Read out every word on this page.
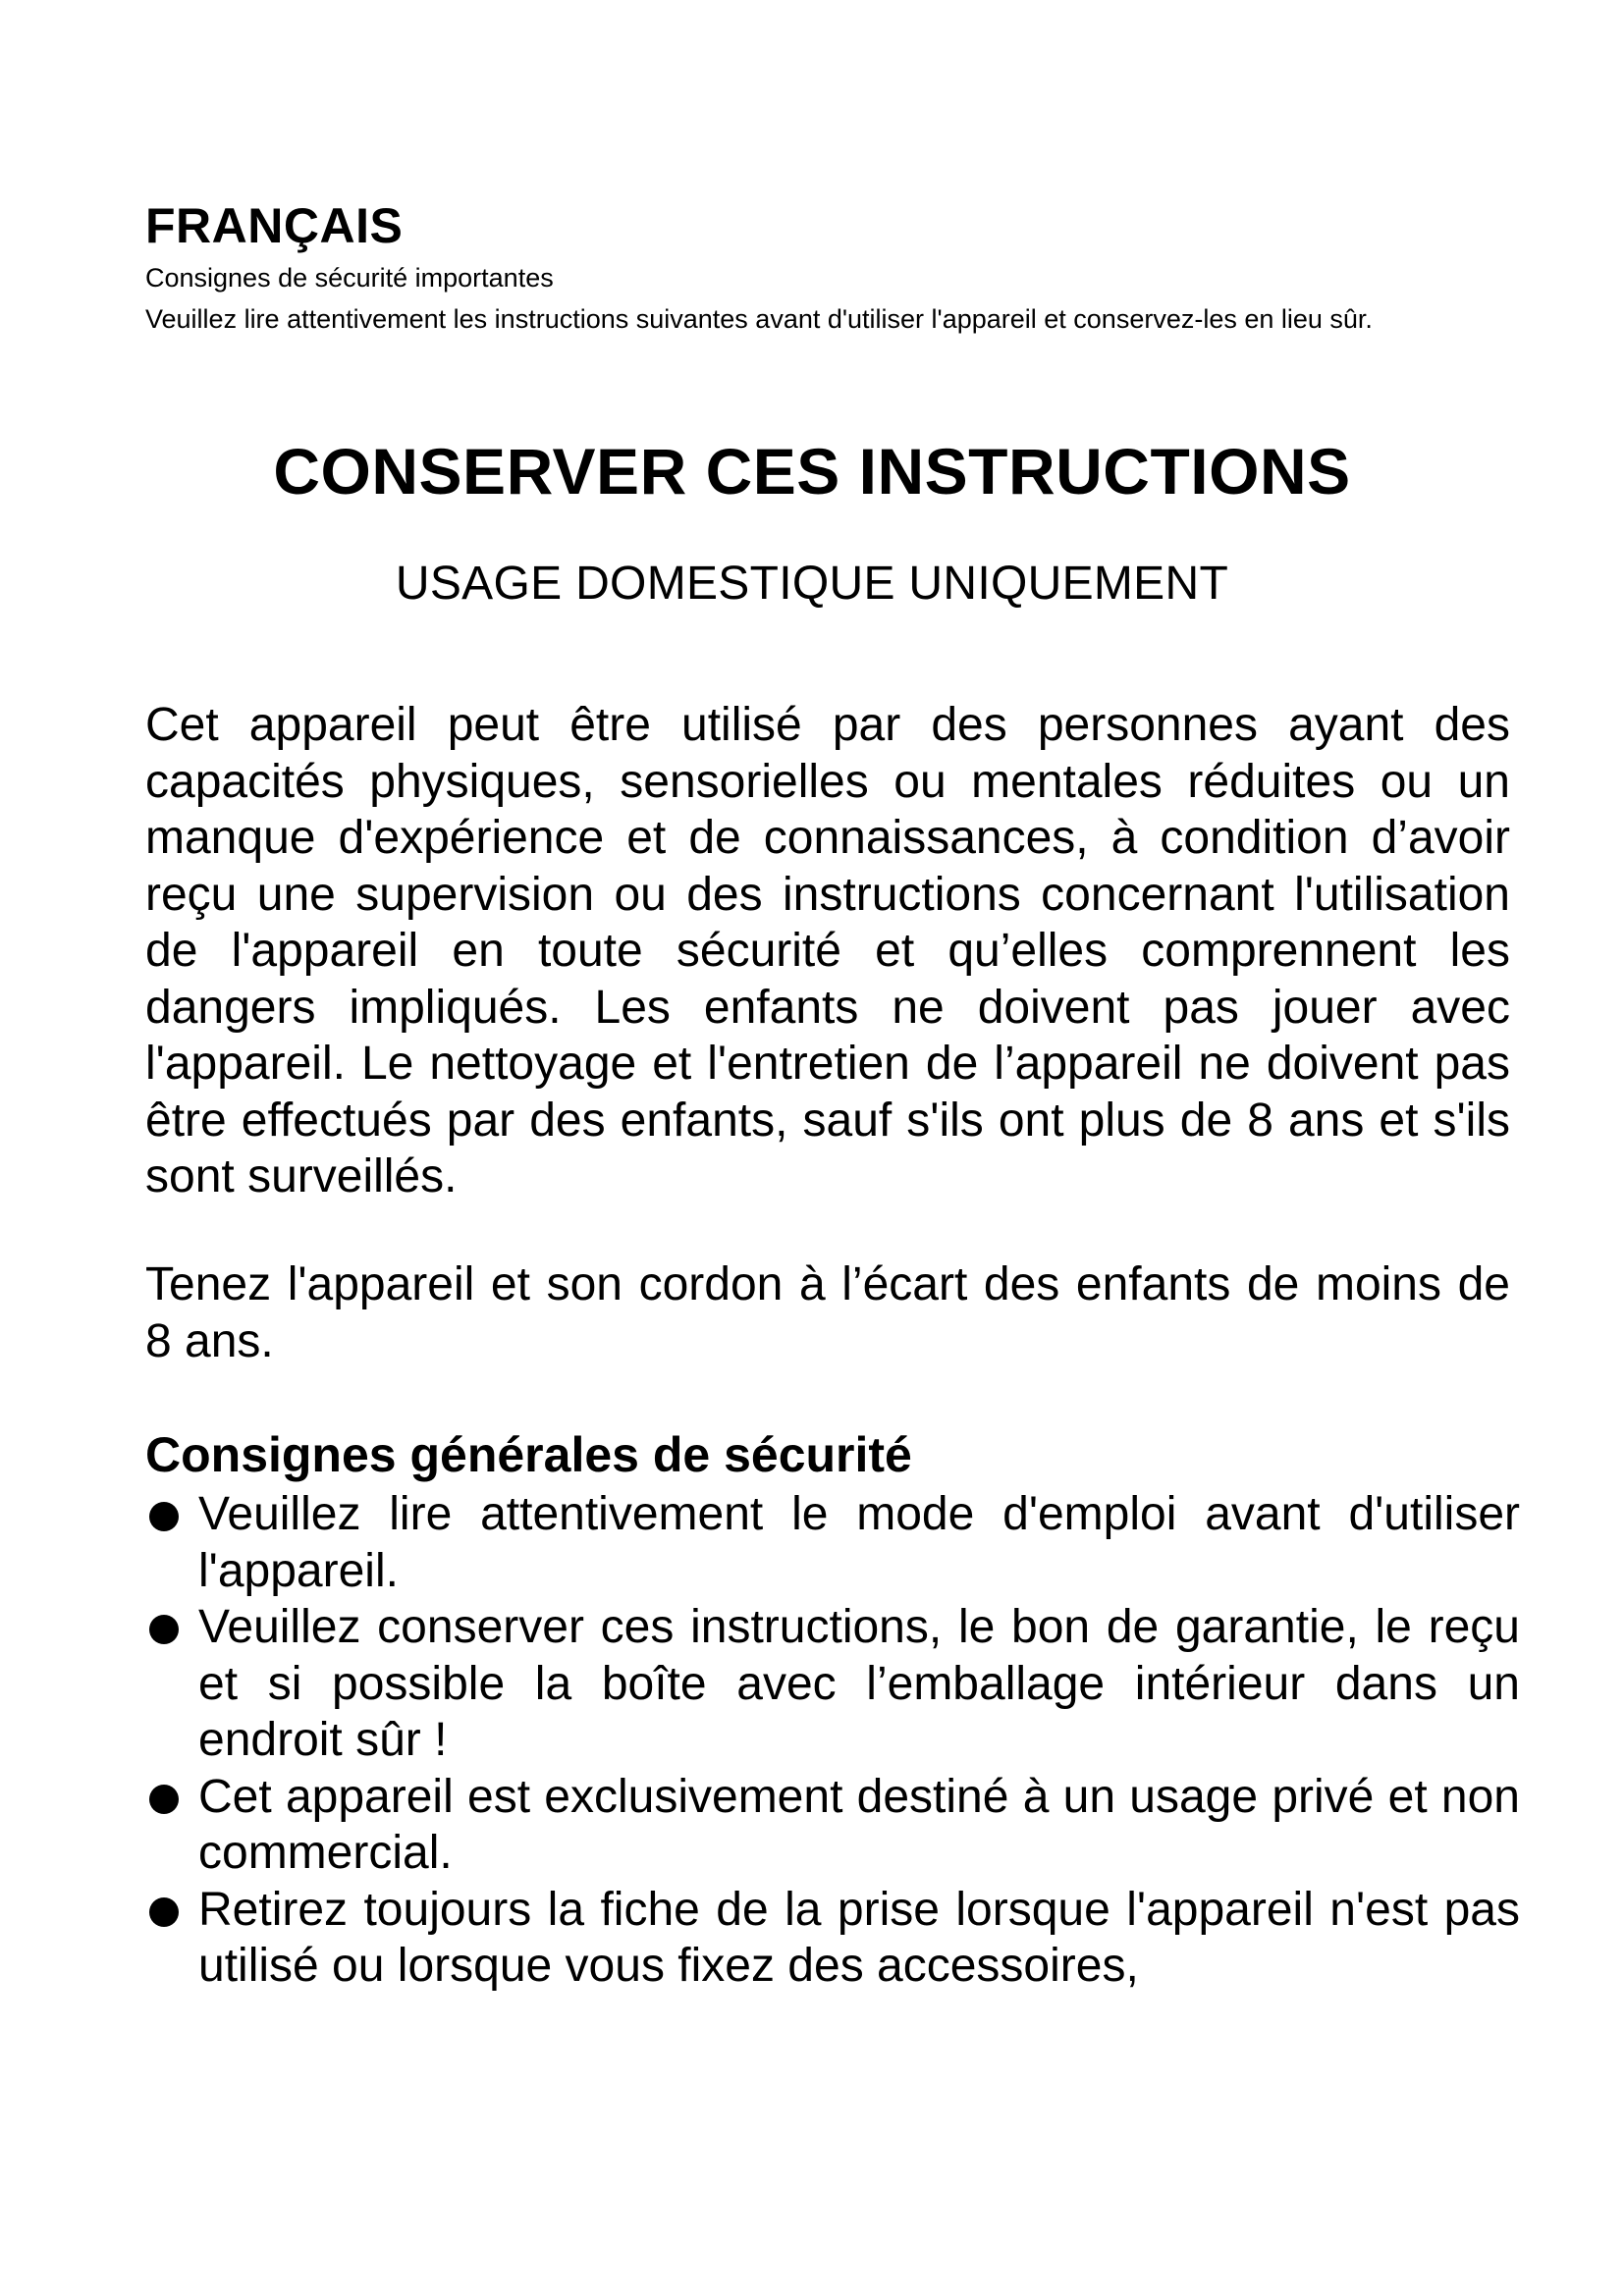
FRANÇAIS

Consignes de sécurité importantes

Veuillez lire attentivement les instructions suivantes avant d'utiliser l'appareil et conservez-les en lieu sûr.

CONSERVER CES INSTRUCTIONS

USAGE DOMESTIQUE UNIQUEMENT

Cet appareil peut être utilisé par des personnes ayant des capacités physiques, sensorielles ou mentales réduites ou un manque d'expérience et de connaissances, à condition d’avoir reçu une supervision ou des instructions concernant l'utilisation de l'appareil en toute sécurité et qu’elles comprennent les dangers impliqués. Les enfants ne doivent pas jouer avec l'appareil. Le nettoyage et l'entretien de l’appareil ne doivent pas être effectués par des enfants, sauf s'ils ont plus de 8 ans et s'ils sont surveillés.

Tenez l'appareil et son cordon à l’écart des enfants de moins de 8 ans.

Consignes générales de sécurité
Veuillez lire attentivement le mode d'emploi avant d'utiliser l'appareil.
Veuillez conserver ces instructions, le bon de garantie, le reçu et si possible la boîte avec l’emballage intérieur dans un endroit sûr !
Cet appareil est exclusivement destiné à un usage privé et non commercial.
Retirez toujours la fiche de la prise lorsque l'appareil n'est pas utilisé ou lorsque vous fixez des accessoires,
